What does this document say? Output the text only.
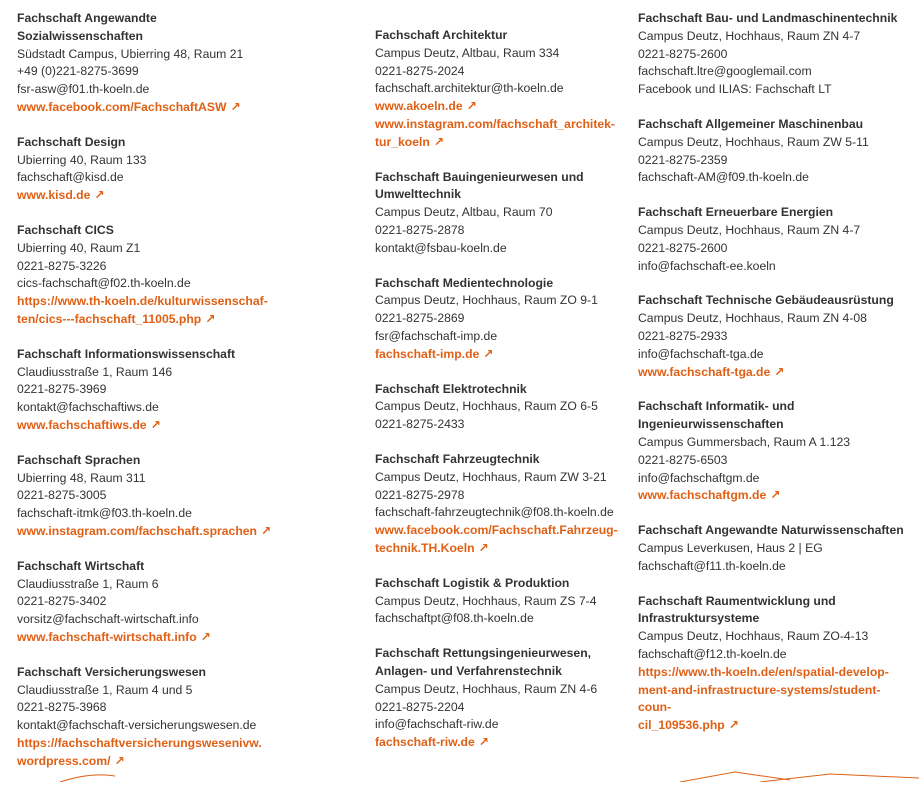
Fachschaft Angewandte
Sozialwissenschaften
Südstadt Campus, Ubierring 48, Raum 21
+49 (0)221-8275-3699
fsr-asw@f01.th-koeln.de
www.facebook.com/FachschaftASW ↗
Fachschaft Design
Ubierring 40, Raum 133
fachschaft@kisd.de
www.kisd.de ↗
Fachschaft CICS
Ubierring 40, Raum Z1
0221-8275-3226
cics-fachschaft@f02.th-koeln.de
https://www.th-koeln.de/kulturwissenschaf-
ten/cics---fachschaft_11005.php ↗
Fachschaft Informationswissenschaft
Claudiusstraße 1, Raum 146
0221-8275-3969
kontakt@fachschaftiws.de
www.fachschaftiws.de ↗
Fachschaft Sprachen
Ubierring 48, Raum 311
0221-8275-3005
fachschaft-itmk@f03.th-koeln.de
www.instagram.com/fachschaft.sprachen ↗
Fachschaft Wirtschaft
Claudiusstraße 1, Raum 6
0221-8275-3402
vorsitz@fachschaft-wirtschaft.info
www.fachschaft-wirtschaft.info ↗
Fachschaft Versicherungswesen
Claudiusstraße 1, Raum 4 und 5
0221-8275-3968
kontakt@fachschaft-versicherungswesen.de
https://fachschaftversicherungswesenivw.
wordpress.com/ ↗
Fachschaft Architektur
Campus Deutz, Altbau, Raum 334
0221-8275-2024
fachschaft.architektur@th-koeln.de
www.akoeln.de ↗
www.instagram.com/fachschaft_architek-
tur_koeln ↗
Fachschaft Bauingenieurwesen und
Umwelttechnik
Campus Deutz, Altbau, Raum 70
0221-8275-2878
kontakt@fsbau-koeln.de
Fachschaft Medientechnologie
Campus Deutz, Hochhaus, Raum ZO 9-1
0221-8275-2869
fsr@fachschaft-imp.de
fachschaft-imp.de ↗
Fachschaft Elektrotechnik
Campus Deutz, Hochhaus, Raum ZO 6-5
0221-8275-2433
Fachschaft Fahrzeugtechnik
Campus Deutz, Hochhaus, Raum ZW 3-21
0221-8275-2978
fachschaft-fahrzeugtechnik@f08.th-koeln.de
www.facebook.com/Fachschaft.Fahrzeug-
technik.TH.Koeln ↗
Fachschaft Logistik & Produktion
Campus Deutz, Hochhaus, Raum ZS 7-4
fachschaftpt@f08.th-koeln.de
Fachschaft Rettungsingenieurwesen,
Anlagen- und Verfahrenstechnik
Campus Deutz, Hochhaus, Raum ZN 4-6
0221-8275-2204
info@fachschaft-riw.de
fachschaft-riw.de ↗
Fachschaft Bau- und Landmaschinentechnik
Campus Deutz, Hochhaus, Raum ZN 4-7
0221-8275-2600
fachschaft.ltre@googlemail.com
Facebook und ILIAS: Fachschaft LT
Fachschaft Allgemeiner Maschinenbau
Campus Deutz, Hochhaus, Raum ZW 5-11
0221-8275-2359
fachschaft-AM@f09.th-koeln.de
Fachschaft Erneuerbare Energien
Campus Deutz, Hochhaus, Raum ZN 4-7
0221-8275-2600
info@fachschaft-ee.koeln
Fachschaft Technische Gebäudeausrüstung
Campus Deutz, Hochhaus, Raum ZN 4-08
0221-8275-2933
info@fachschaft-tga.de
www.fachschaft-tga.de ↗
Fachschaft Informatik- und
Ingenieurwissenschaften
Campus Gummersbach, Raum A 1.123
0221-8275-6503
info@fachschaftgm.de
www.fachschaftgm.de ↗
Fachschaft Angewandte Naturwissenschaften
Campus Leverkusen, Haus 2 | EG
fachschaft@f11.th-koeln.de
Fachschaft Raumentwicklung und
Infrastruktursysteme
Campus Deutz, Hochhaus, Raum ZO-4-13
fachschaft@f12.th-koeln.de
https://www.th-koeln.de/en/spatial-develop-
ment-and-infrastructure-systems/student-coun-
cil_109536.php ↗
